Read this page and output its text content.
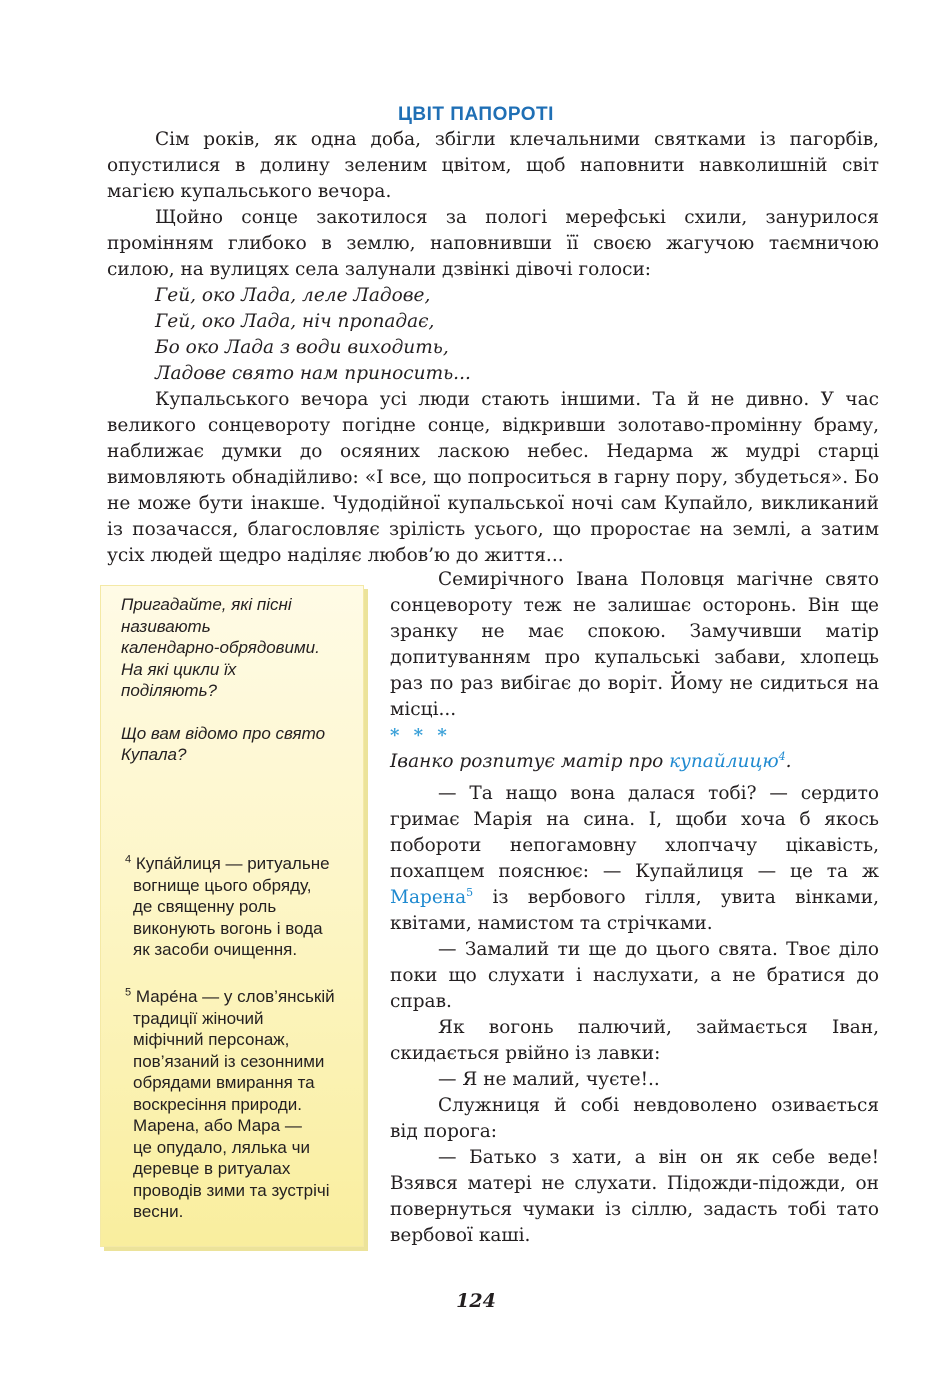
ЦВІТ ПАПОРОТІ

Сім років, як одна доба, збігли клечальними святками із пагорбів, опустилися в долину зеленим цвітом, щоб наповнити навколишній світ магією купальського вечора.

Щойно сонце закотилося за пологі мерефські схили, занурилося промінням глибоко в землю, наповнивши її своєю жагучою таємничою силою, на вулицях села залунали дзвінкі дівочі голоси:

Гей, око Лада, леле Ладове,
Гей, око Лада, ніч пропадає,
Бо око Лада з води виходить,
Ладове свято нам приносить...

Купальського вечора усі люди стають іншими. Та й не дивно. У час великого сонцевороту погідне сонце, відкривши золотаво-промінну браму, наближає думки до осяяних ласкою небес. Недарма ж мудрі старці вимовляють обнадійливо: «І все, що попроситься в гарну пору, збудеться». Бо не може бути інакше. Чудодійної купальської ночі сам Купайло, викликаний із позачасся, благословляє зрілість усього, що проростає на землі, а затим усіх людей щедро наділяє любов’ю до життя...

Пригадайте, які пісні
називають
календарно-обрядовими.
На які цикли їх
поділяють?

Що вам відомо про свято
Купала?

$^4$ Купа́йлиця — ритуальне
вогнище цього обряду,
де священну роль
виконують вогонь і вода
як засоби очищення.
$^5$ Маре́на — у слов’янській
традиції жіночий
міфічний персонаж,
пов’язаний із сезонними
обрядами вмирання та
воскресіння природи.
Марена, або Мара —
це опудало, лялька чи
деревце в ритуалах
проводів зими та зустрічі
весни.

Семирічного Івана Половця магічне свято сонцевороту теж не залишає осторонь. Він ще зранку не має спокою. Замучивши матір допитуванням про купальські забави, хлопець раз по раз вибігає до воріт. Йому не сидиться на місці...

* * *

Іванко розпитує матір про купайлицю$^4$.

— Та нащо вона далася тобі? — сердито гримає Марія на сина. І, щоби хоча б якось побороти непогамовну хлопчачу цікавість, похапцем пояснює: — Купайлиця — це та ж Марена$^5$ із вербового гілля, увита вінками, квітами, намистом та стрічками.

— Замалий ти ще до цього свята. Твоє діло поки що слухати і наслухати, а не братися до справ.

Як вогонь палючий, займається Іван, скидається рвійно із лавки:

— Я не малий, чуєте!..

Служниця й собі невдоволено озивається від порога:

— Батько з хати, а він он як себе веде! Взявся матері не слухати. Підожди-підожди, он повернуться чумаки із сіллю, задасть тобі тато вербової каші.

124
